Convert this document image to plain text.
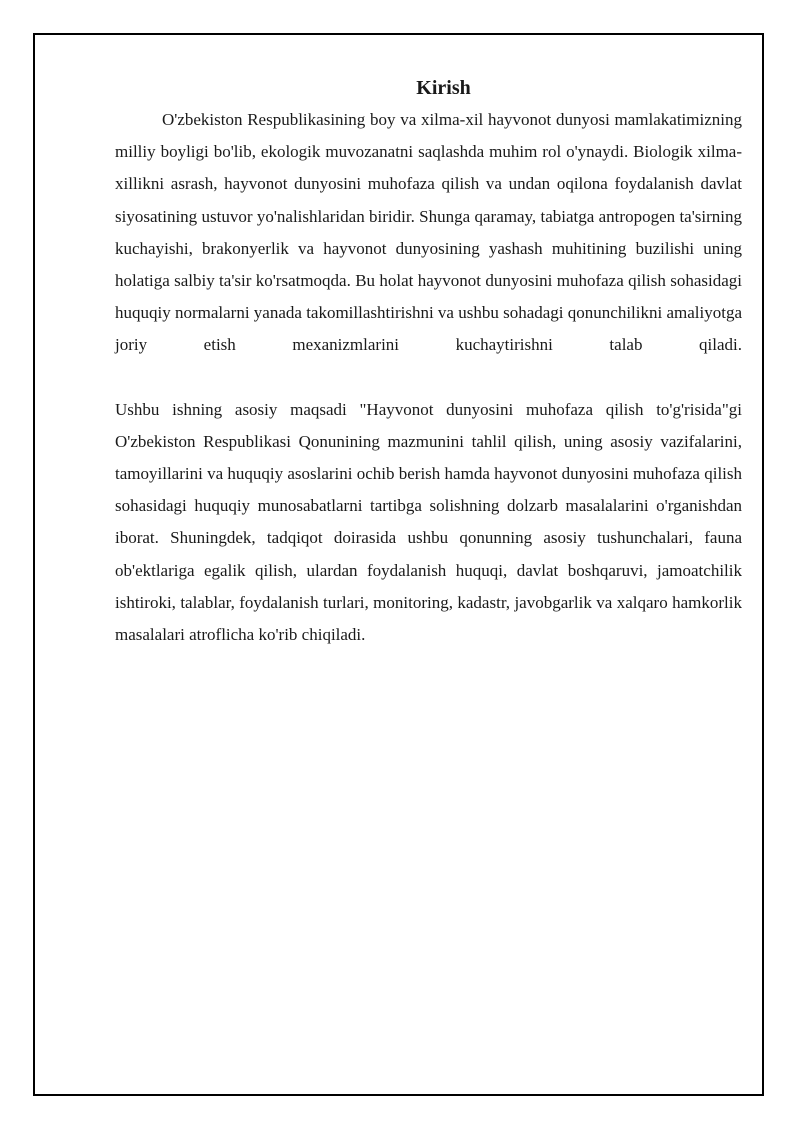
Kirish

O'zbekiston Respublikasining boy va xilma-xil hayvonot dunyosi mamlakatimizning milliy boyligi bo'lib, ekologik muvozanatni saqlashda muhim rol o'ynaydi. Biologik xilma-xillikni asrash, hayvonot dunyosini muhofaza qilish va undan oqilona foydalanish davlat siyosatining ustuvor yo'nalishlaridan biridir. Shunga qaramay, tabiatga antropogen ta'sirning kuchayishi, brakonyerlik va hayvonot dunyosining yashash muhitining buzilishi uning holatiga salbiy ta'sir ko'rsatmoqda. Bu holat hayvonot dunyosini muhofaza qilish sohasidagi huquqiy normalarni yanada takomillashtirishni va ushbu sohadagi qonunchilikni amaliyotga joriy etish mexanizmlarini kuchaytirishni talab qiladi.

Ushbu ishning asosiy maqsadi "Hayvonot dunyosini muhofaza qilish to'g'risida"gi O'zbekiston Respublikasi Qonunining mazmunini tahlil qilish, uning asosiy vazifalarini, tamoyillarini va huquqiy asoslarini ochib berish hamda hayvonot dunyosini muhofaza qilish sohasidagi huquqiy munosabatlarni tartibga solishning dolzarb masalalarini o'rganishdan iborat. Shuningdek, tadqiqot doirasida ushbu qonunning asosiy tushunchalari, fauna ob'ektlariga egalik qilish, ulardan foydalanish huquqi, davlat boshqaruvi, jamoatchilik ishtiroki, talablar, foydalanish turlari, monitoring, kadastr, javobgarlik va xalqaro hamkorlik masalalari atroflicha ko'rib chiqiladi.
